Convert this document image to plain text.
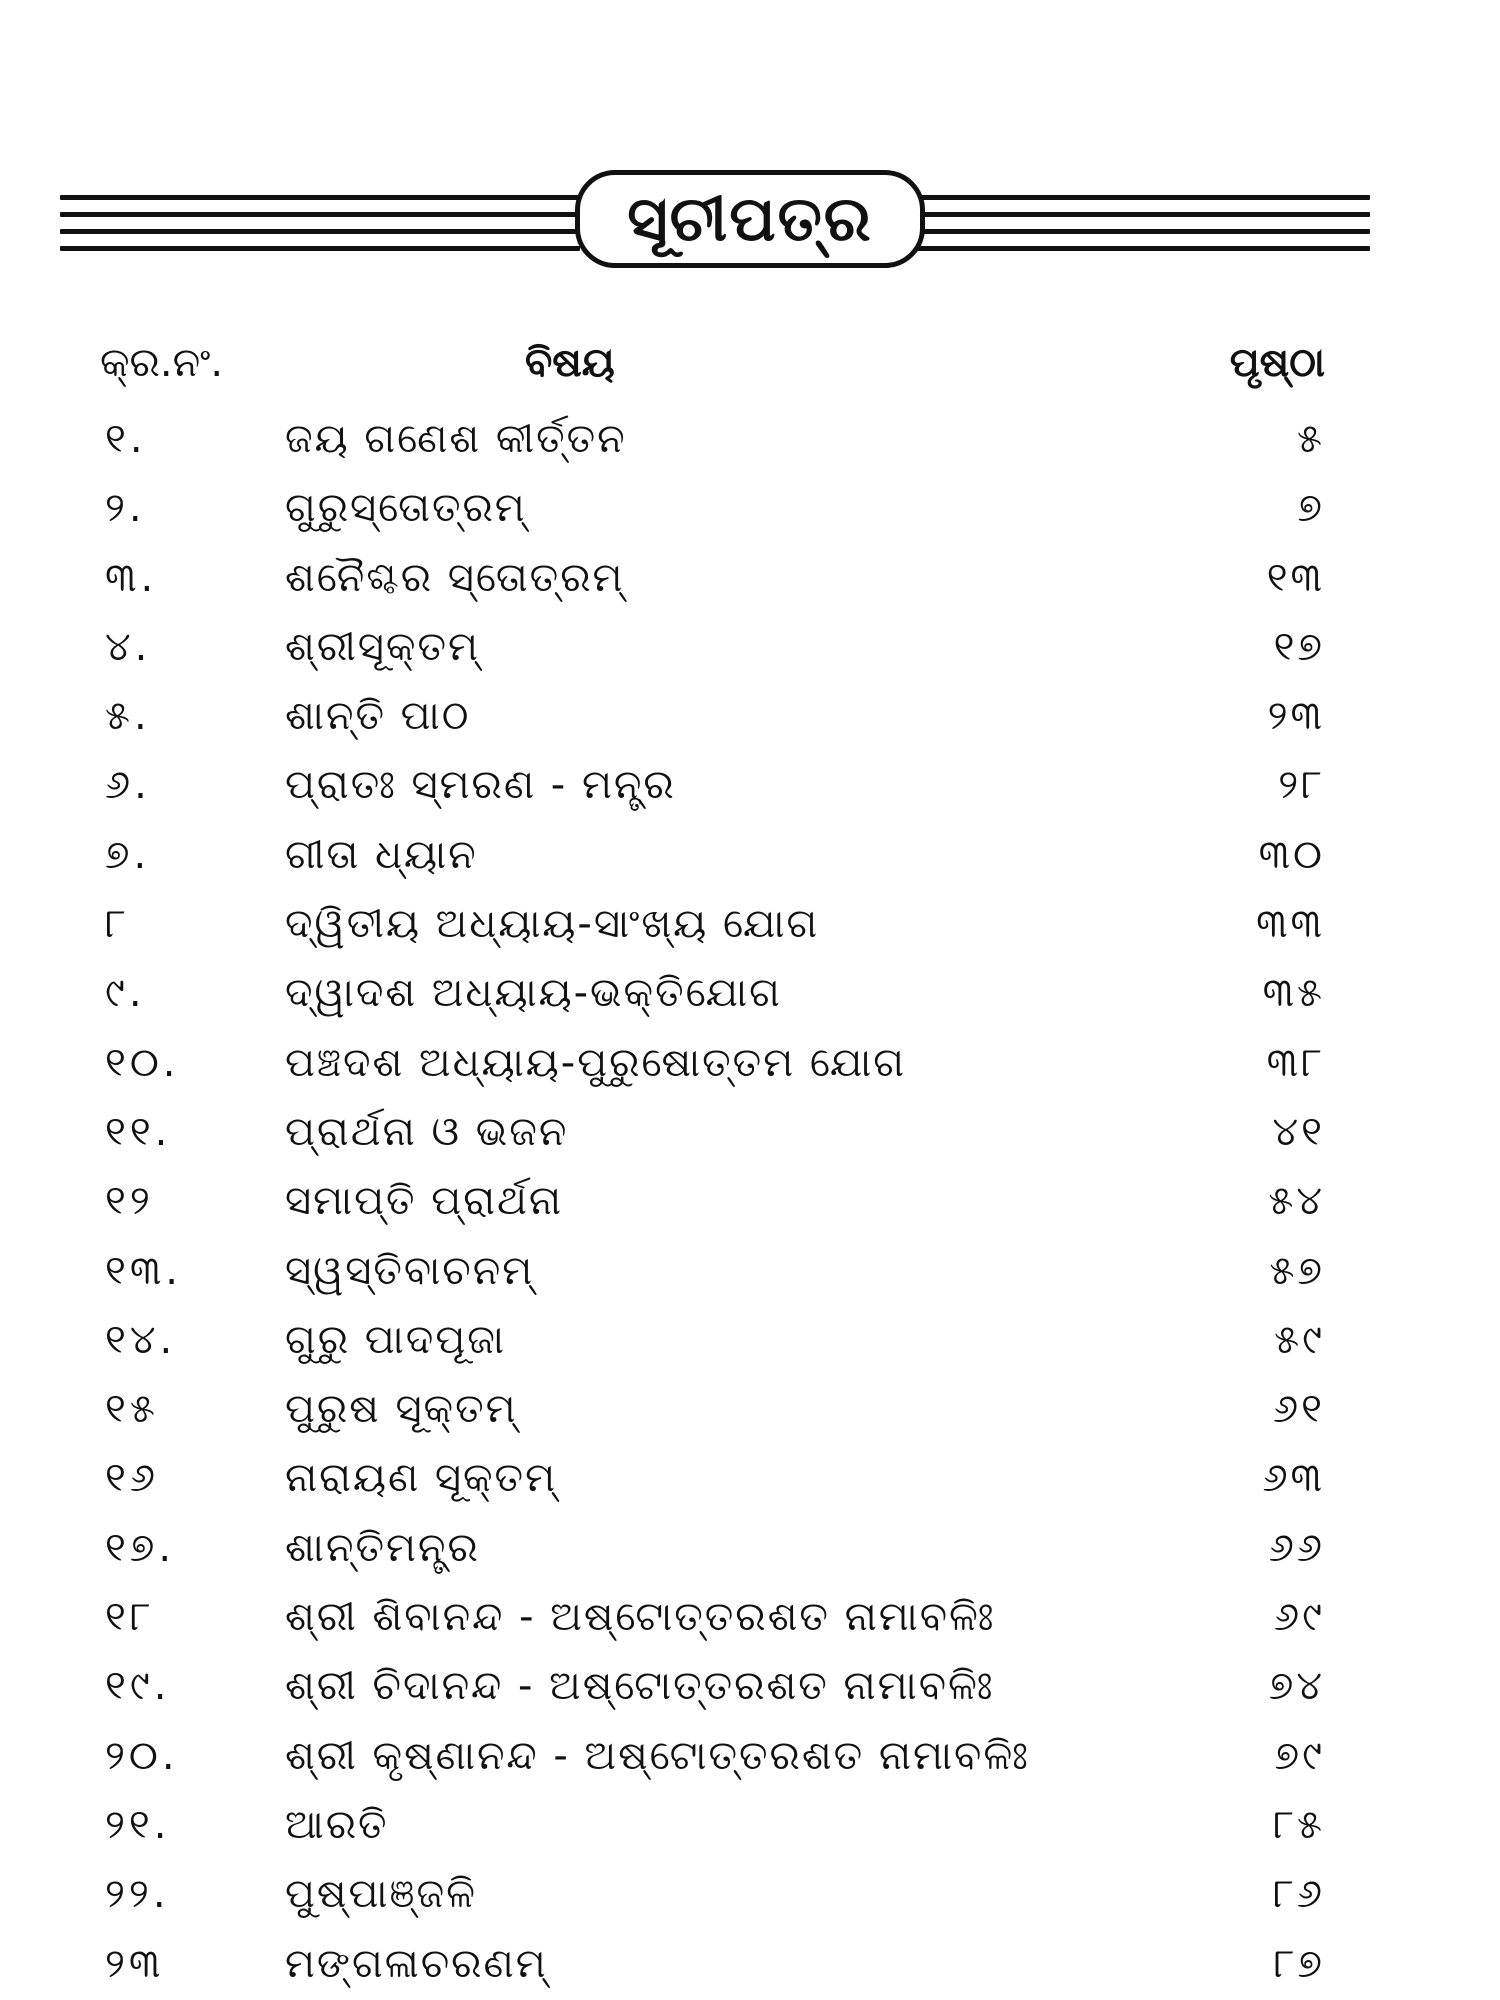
ସୂଚୀପତ୍ର
କ୍ର.ନଂ.	ବିଷୟ	ପୃଷ୍ଠା
୧.	ଜୟ ଗଣେଶ କୀର୍ତ୍ତନ	୫
୨.	ଗୁରୁସ୍ତୋତ୍ରମ୍	୭
୩.	ଶନୈଶ୍ଚର ସ୍ତୋତ୍ରମ୍	୧୩
୪.	ଶ୍ରୀସୂକ୍ତମ୍	୧୭
୫.	ଶାନ୍ତି ପାଠ	୨୩
୬.	ପ୍ରାତଃ ସ୍ମରଣ - ମନ୍ତ୍ର	୨୮
୭.	ଗୀତା ଧ୍ୟାନ	୩୦
୮	ଦ୍ୱିତୀୟ ଅଧ୍ୟାୟ-ସାଂଖ୍ୟ ଯୋଗ	୩୩
୯.	ଦ୍ୱାଦଶ ଅଧ୍ୟାୟ-ଭକ୍ତିଯୋଗ	୩୫
୧୦.	ପଞ୍ଚଦଶ ଅଧ୍ୟାୟ-ପୁରୁଷୋତ୍ତମ ଯୋଗ	୩୮
୧୧.	ପ୍ରାର୍ଥନା ଓ ଭଜନ	୪୧
୧୨	ସମାପ୍ତି ପ୍ରାର୍ଥନା	୫୪
୧୩.	ସ୍ୱସ୍ତିବାଚନମ୍	୫୭
୧୪.	ଗୁରୁ ପାଦପୂଜା	୫୯
୧୫	ପୁରୁଷ ସୂକ୍ତମ୍	୬୧
୧୬	ନାରାୟଣ ସୂକ୍ତମ୍	୬୩
୧୭.	ଶାନ୍ତିମନ୍ତ୍ର	୬୬
୧୮	ଶ୍ରୀ ଶିବାନନ୍ଦ - ଅଷ୍ଟୋତ୍ତରଶତ ନାମାବଳିଃ	୬୯
୧୯.	ଶ୍ରୀ ଚିଦାନନ୍ଦ - ଅଷ୍ଟୋତ୍ତରଶତ ନାମାବଳିଃ	୭୪
୨୦.	ଶ୍ରୀ କୃଷ୍ଣାନନ୍ଦ - ଅଷ୍ଟୋତ୍ତରଶତ ନାମାବଳିଃ	୭୯
୨୧.	ଆରତି	୮୫
୨୨.	ପୁଷ୍ପାଞ୍ଜଳି	୮୬
୨୩	ମଙ୍ଗଳାଚରଣମ୍	୮୭
